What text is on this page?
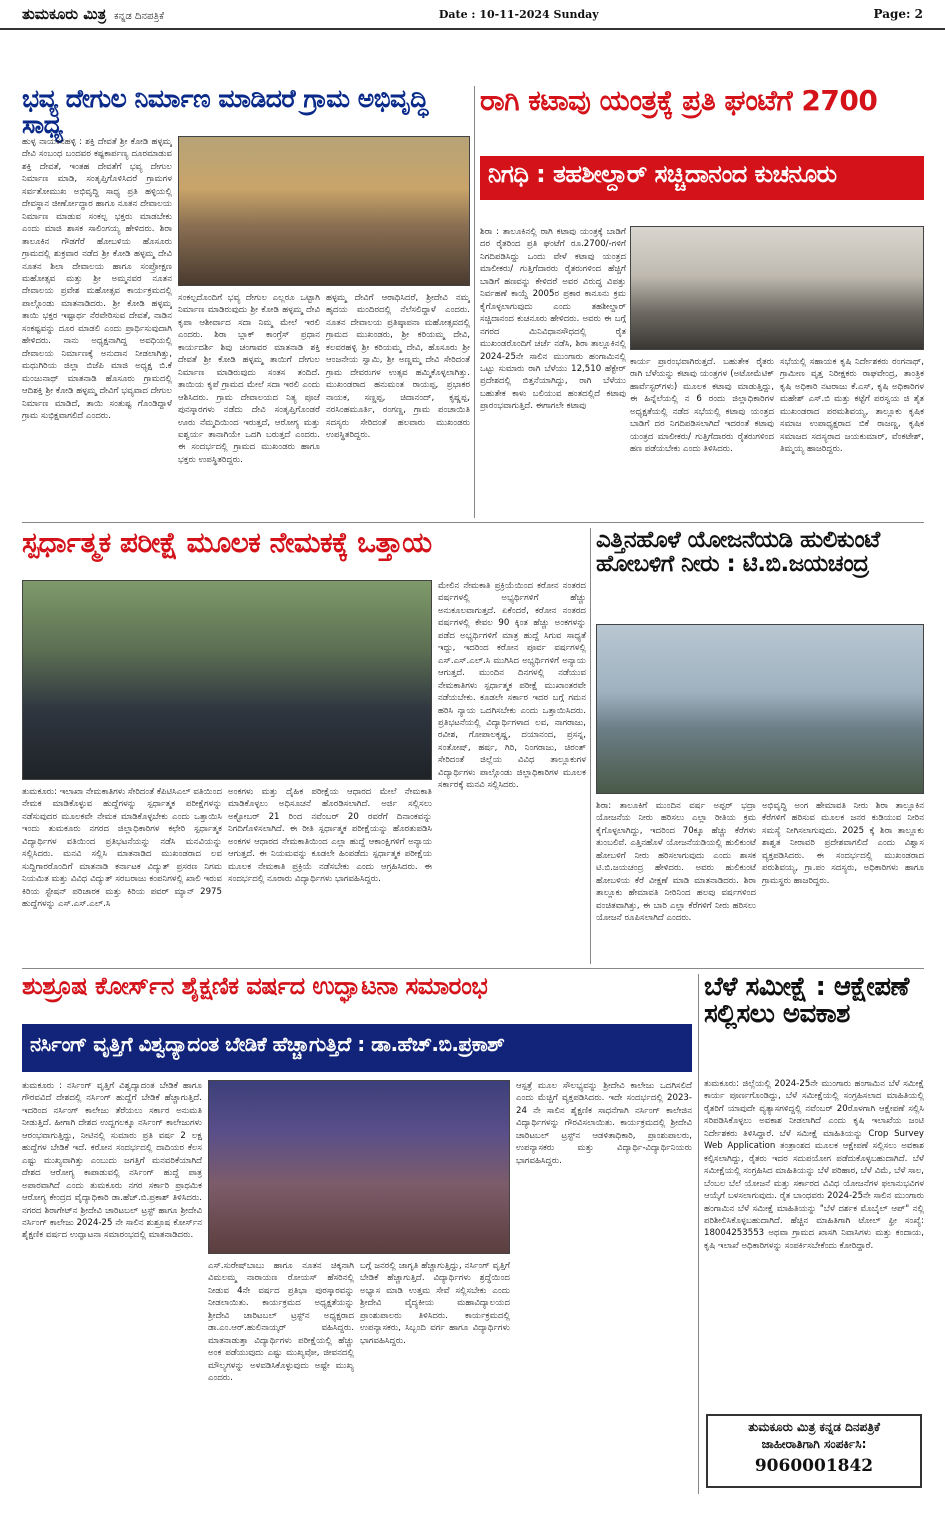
ತುಮಕೂರು ಮಿತ್ರ ಕನ್ನಡ ದಿನಪತ್ರಿಕೆ	Date : 10-11-2024 Sunday	Page: 2
ಭವ್ಯ ದೇಗುಲ ನಿರ್ಮಾಣ ಮಾಡಿದರೆ ಗ್ರಾಮ ಅಭಿವೃದ್ಧಿ ಸಾಧ್ಯ
ಹುಳ್ಳ ನಾಯಕನಹಳ್ಳಿ : ಶಕ್ತಿ ದೇವತೆ ಶ್ರೀ ಕೋಡಿ ಹಳ್ಳಮ್ಮ ದೇವಿ ಸಂಬಂಧ ಬಂದವರ ಕಷ್ಟಕಾರ್ಪಣ್ಯ ದೂರಮಾಡುವ ಶಕ್ತಿ ದೇವತೆ, ಇಂತಹ ದೇವತೆಗೆ ಭವ್ಯ ದೇಗುಲ ನಿರ್ಮಾಣ ಮಾಡಿ, ಸಂತೃಪ್ತಿಗೊಳಿಸಿದರೆ ಗ್ರಾಮಗಳ ಸರ್ವತೋಮುಖ ಅಭಿವೃದ್ಧಿ ಸಾಧ್ಯ ಪ್ರತಿ ಹಳ್ಳಿಯಲ್ಲಿ ದೇವಸ್ಥಾನ ಜೀರ್ಣೋದ್ಧಾರ ಹಾಗೂ ನೂತನ ದೇವಾಲಯ ನಿರ್ಮಾಣ ಮಾಡುವ ಸಂಕಲ್ಪ ಭಕ್ತರು ಮಾಡಬೇಕು ಎಂದು ಮಾಜಿ ಶಾಸಕ ಸಾಲಿಂಗಯ್ಯ ಹೇಳಿದರು. ಶಿರಾ ತಾಲೂಕಿನ ಗೌಡಗೆರೆ ಹೋಬಳಿಯ ಹೊಸೂರು ಗ್ರಾಮದಲ್ಲಿ ಶುಕ್ರವಾರ ನಡೆದ ಶ್ರೀ ಕೋಡಿ ಹಳ್ಳಮ್ಮ ದೇವಿ ನೂತನ ಶಿಲಾ ದೇವಾಲಯ ಹಾಗೂ ಸಂಪ್ರೋಕ್ಷಣ ಮಹೋತ್ಸವ ಮತ್ತು ಶ್ರೀ ಅಮ್ಮನವರ ನೂತನ ದೇವಾಲಯ ಪ್ರವೇಶ ಮಹೋತ್ಸವ ಕಾರ್ಯಕ್ರಮದಲ್ಲಿ ಪಾಲ್ಗೊಂಡು ಮಾತನಾಡಿದರು. ಶ್ರೀ ಕೋಡಿ ಹಳ್ಳಮ್ಮ ತಾಯಿ ಭಕ್ತರ ಇಷ್ಟಾರ್ಥ ನೆರವೇರಿಸುವ ದೇವತೆ, ನಾಡಿನ ಸಂಕಷ್ಟವನ್ನು ದೂರ ಮಾಡಲಿ ಎಂದು ಪ್ರಾರ್ಥಿಸುವುದಾಗಿ ಹೇಳಿದರು. ನಾನು ಅಧ್ಯಕ್ಷನಾಗಿದ್ದ ಅವಧಿಯಲ್ಲಿ ದೇವಾಲಯ ನಿರ್ಮಾಣಕ್ಕೆ ಅನುದಾನ ನೀಡಲಾಗಿತ್ತು, ಮಧುಗಿರಿಯ ಜಿಲ್ಲಾ ಬಿಜೆಪಿ ಮಾಜಿ ಅಧ್ಯಕ್ಷ ಬಿ.ಕೆ ಮಂಜುನಾಥ್ ಮಾತನಾಡಿ ಹೊಸೂರು ಗ್ರಾಮದಲ್ಲಿ ಆದಿಶಕ್ತಿ ಶ್ರೀ ಕೋಡಿ ಹಳ್ಳಮ್ಮ ದೇವಿಗೆ ಭವ್ಯವಾದ ದೇಗುಲ ನಿರ್ಮಾಣ ಮಾಡಿದೆ, ತಾಯಿ ಸಂತುಷ್ಟ ಗೊಂಡಿದ್ದಾಳೆ ಗ್ರಾಮ ಸುಭಿಕ್ಷವಾಗಲಿದೆ ಎಂದರು.
ಸಂಕಲ್ಪದೊಂದಿಗೆ ಭವ್ಯ ದೇಗುಲ ಎಲ್ಲರೂ ಒಟ್ಟಾಗಿ ನಿರ್ಮಾಣ ಮಾಡಿರುವುದು ಶ್ರೀ ಕೋಡಿ ಹಳ್ಳಮ್ಮ ದೇವಿ ಕೃಪಾ ಆಶೀರ್ವಾದ ಸದಾ ನಿಮ್ಮ ಮೇಲೆ ಇರಲಿ ಎಂದರು. ಶಿರಾ ಬ್ಲಾಕ್ ಕಾಂಗ್ರೆಸ್ ಪ್ರಧಾನ ಕಾರ್ಯದರ್ಶಿ ಶಿವು ಚಂಗಾವರ ಮಾತನಾಡಿ ಶಕ್ತಿ ದೇವತೆ ಶ್ರೀ ಕೋಡಿ ಹಳ್ಳಮ್ಮ ತಾಯಿಗೆ ದೇಗುಲ ನಿರ್ಮಾಣ ಮಾಡಿರುವುದು ಸಂತಸ ತಂದಿದೆ. ತಾಯಿಯ ಕೃಪೆ ಗ್ರಾಮದ ಮೇಲೆ ಸದಾ ಇರಲಿ ಎಂದು ಆಶಿಸಿದರು. ಗ್ರಾಮ ದೇವಾಲಯದ ನಿತ್ಯ ಪೂಜೆ ಪುನಸ್ಕಾರಗಳು ನಡೆದು ದೇವಿ ಸಂತೃಪ್ತಿಗೊಂಡರೆ ಊರು ನೆಮ್ಮದಿಯಿಂದ ಇರುತ್ತದೆ, ಆರೋಗ್ಯ ಮತ್ತು ಐಶ್ವರ್ಯ ತಾನಾಗಿಯೇ ಒದಗಿ ಬರುತ್ತದೆ ಎಂದರು. ಈ ಸಂದರ್ಭದಲ್ಲಿ ಗ್ರಾಮದ ಮುಖಂಡರು ಹಾಗೂ ಭಕ್ತರು ಉಪಸ್ಥಿತರಿದ್ದರು.
ಹಳ್ಳಮ್ಮ ದೇವಿಗೆ ಆರಾಧಿಸಿದರೆ, ಶ್ರೀದೇವಿ ನಮ್ಮ ಹೃದಯ ಮಂದಿರದಲ್ಲಿ ನೆಲೆಸಲಿದ್ದಾಳೆ ಎಂದರು. ನೂತನ ದೇವಾಲಯ ಪ್ರತಿಷ್ಠಾಪನಾ ಮಹೋತ್ಸವದಲ್ಲಿ ಗ್ರಾಮದ ಮುಖಂಡರು, ಶ್ರೀ ಕರಿಯಮ್ಮ ದೇವಿ, ಕಲವರಹಳ್ಳಿ ಶ್ರೀ ಕರಿಯಮ್ಮ ದೇವಿ, ಹೊಸೂರು ಶ್ರೀ ಆಂಜನೇಯ ಸ್ವಾಮಿ, ಶ್ರೀ ಅಣ್ಣಮ್ಮ ದೇವಿ ಸೇರಿದಂತೆ ಗ್ರಾಮ ದೇವರುಗಳ ಉತ್ಸವ ಹಮ್ಮಿಕೊಳ್ಳಲಾಗಿತ್ತು. ಮುಖಂಡರಾದ ಹನುಮಂತ ರಾಯಪ್ಪ, ಪ್ರಭಾಕರ ನಾಯಕ, ಸಣ್ಣಪ್ಪ, ಚಿದಾನಂದ್, ಕೃಷ್ಣಪ್ಪ, ನರಸಿಂಹಮೂರ್ತಿ, ರಂಗಣ್ಣ, ಗ್ರಾಮ ಪಂಚಾಯಿತಿ ಸದಸ್ಯರು ಸೇರಿದಂತೆ ಹಲವಾರು ಮುಖಂಡರು ಉಪಸ್ಥಿತರಿದ್ದರು.
ರಾಗಿ ಕಟಾವು ಯಂತ್ರಕ್ಕೆ ಪ್ರತಿ ಘಂಟೆಗೆ 2700
ನಿಗಧಿ : ತಹಶೀಲ್ದಾರ್ ಸಚ್ಚಿದಾನಂದ ಕುಚನೂರು
ಶಿರಾ : ತಾಲೂಕಿನಲ್ಲಿ ರಾಗಿ ಕಟಾವು ಯಂತ್ರಕ್ಕೆ ಬಾಡಿಗೆ ದರ ರೈತರಿಂದ ಪ್ರತಿ ಘಂಟೆಗೆ ರೂ.2700/-ಗಳಿಗೆ ನಿಗದಿಪಡಿಸಿದ್ದು ಒಂದು ವೇಳೆ ಕಟಾವು ಯಂತ್ರದ ಮಾಲೀಕರು/ ಗುತ್ತಿಗೆದಾರರು ರೈತರುಗಳಿಂದ ಹೆಚ್ಚಿಗೆ ಬಾಡಿಗೆ ಹಣವನ್ನು ಕೇಳಿದರೆ ಅವರ ವಿರುದ್ಧ ವಿಪತ್ತು ನಿರ್ವಹಣೆ ಕಾಯ್ದೆ 2005ರ ಪ್ರಕಾರ ಕಾನೂನು ಕ್ರಮ ಕೈಗೊಳ್ಳಲಾಗುವುದು ಎಂದು ತಹಶೀಲ್ದಾರ್ ಸಚ್ಚಿದಾನಂದ ಕುಚನೂರು ಹೇಳಿದರು. ಅವರು ಈ ಬಗ್ಗೆ ನಗರದ ಮಿನಿವಿಧಾನಸೌಧದಲ್ಲಿ ರೈತ ಮುಖಂಡರೊಂದಿಗೆ ಚರ್ಚೆ ನಡೆಸಿ, ಶಿರಾ ತಾಲ್ಲೂಕಿನಲ್ಲಿ 2024-25ನೇ ಸಾಲಿನ ಮುಂಗಾರು ಹಂಗಾಮಿನಲ್ಲಿ ಒಟ್ಟು ಸುಮಾರು ರಾಗಿ ಬೆಳೆಯು 12,510 ಹೆಕ್ಟೇರ್ ಪ್ರದೇಶದಲ್ಲಿ ಬಿತ್ತನೆಯಾಗಿದ್ದು, ರಾಗಿ ಬೆಳೆಯು ಬಹುತೇಕ ಕಾಳು ಬಲಿಯುವ ಹಂತದಲ್ಲಿದೆ ಕಟಾವು ಪ್ರಾರಂಭವಾಗುತ್ತಿದೆ. ಈಗಾಗಲೇ ಕಟಾವು
ಕಾರ್ಯ ಪ್ರಾರಂಭವಾಗಿರುತ್ತದೆ. ಬಹುತೇಕ ರೈತರು ರಾಗಿ ಬೆಳೆಯನ್ನು ಕಟಾವು ಯಂತ್ರಗಳ (ಅಟೋಮೆಟಿಕ್ ಹಾರ್ವೆಸ್ಟರ್‌ಗಳು) ಮೂಲಕ ಕಟಾವು ಮಾಡುತ್ತಿದ್ದು, ಈ ಹಿನ್ನೆಲೆಯಲ್ಲಿ ನ 6 ರಂದು ಜಿಲ್ಲಾಧಿಕಾರಿಗಳ ಅಧ್ಯಕ್ಷತೆಯಲ್ಲಿ ನಡೆದ ಸಭೆಯಲ್ಲಿ ಕಟಾವು ಯಂತ್ರದ ಬಾಡಿಗೆ ದರ ನಿಗದಿಪಡಿಸಲಾಗಿದೆ ಇದರಂತೆ ಕಟಾವು ಯಂತ್ರದ ಮಾಲೀಕರು/ ಗುತ್ತಿಗೆದಾರರು ರೈತರುಗಳಿಂದ ಹಣ ಪಡೆಯಬೇಕು ಎಂದು ತಿಳಿಸಿದರು.
ಸಭೆಯಲ್ಲಿ ಸಹಾಯಕ ಕೃಷಿ ನಿರ್ದೇಶಕರು ರಂಗನಾಥ್, ಗ್ರಾಮೀಣ ವೃತ್ತ ನಿರೀಕ್ಷಕರು ರಾಘವೇಂದ್ರ, ತಾಂತ್ರಿಕ ಕೃಷಿ ಅಧಿಕಾರಿ ನಟರಾಜು ಕೆ.ಎಸ್, ಕೃಷಿ ಅಧಿಕಾರಿಗಳ ಮಹೇಶ್ ಎಸ್.ಬಿ ಮತ್ತು ಕಟ್ಟೆಗೆ ಪರಸ್ವಯ ಜಿ ತೈತ ಮುಖಂಡರಾದ ಪರಮಶಿವಯ್ಯ, ತಾಲ್ಲೂಕು ಕೃಷಿಕ ಸಮಾಜ ಉಪಾಧ್ಯಕ್ಷರಾದ ಬಿಕೆ ರಾಜಣ್ಣ, ಕೃಷಿಕ ಸಮಾಜದ ಸದಸ್ಯರಾದ ಜಯಕುಮಾರ್, ವೆಂಕಟೇಶ್, ತಿಮ್ಮಯ್ಯ ಹಾಜರಿದ್ದರು.
ಸ್ಪರ್ಧಾತ್ಮಕ ಪರೀಕ್ಷೆ ಮೂಲಕ ನೇಮಕಕ್ಕೆ ಒತ್ತಾಯ
ತುಮಕೂರು: ಇಲಾಖಾ ನೇಮಕಾತಿಗಳು ಸೇರಿದಂತೆ ಕೆಪಿಟಿಸಿಎಲ್ ವತಿಯಿಂದ ನೇಮಕ ಮಾಡಿಕೊಳ್ಳುವ ಹುದ್ದೆಗಳನ್ನು ಸ್ಪರ್ಧಾತ್ಮಕ ಪರೀಕ್ಷೆಗಳನ್ನು ನಡೆಸುವುದರ ಮೂಲಕವೇ ನೇಮಕ ಮಾಡಿಕೊಳ್ಳಬೇಕು ಎಂದು ಒತ್ತಾಯಿಸಿ ಇಂದು ತುಮಕೂರು ನಗರದ ಜಿಲ್ಲಾಧಿಕಾರಿಗಳ ಕಛೇರಿ ಸ್ಪರ್ಧಾತ್ಮಕ ವಿದ್ಯಾರ್ಥಿಗಳ ವತಿಯಿಂದ ಪ್ರತಿಭಟನೆಯನ್ನು ನಡೆಸಿ ಮನವಿಯನ್ನು ಸಲ್ಲಿಸಿದರು. ಮನವಿ ಸಲ್ಲಿಸಿ ಮಾತನಾಡಿದ ಮುಖಂಡರಾದ ಲವ ಸುದ್ದಿಗಾರರೊಂದಿಗೆ ಮಾತನಾಡಿ ಕರ್ನಾಟಕ ವಿದ್ಯುತ್ ಪ್ರಸರಣ ನಿಗಮ ನಿಯಮಿತ ಮತ್ತು ವಿವಿಧ ವಿದ್ಯುತ್ ಸರಬರಾಜು ಕಂಪನಿಗಳಲ್ಲಿ ಖಾಲಿ ಇರುವ ಕಿರಿಯ ಸ್ಟೇಷನ್ ಪರಿಚಾರಕ ಮತ್ತು ಕಿರಿಯ ಪವರ್ ಮ್ಯಾನ್ 2975 ಹುದ್ದೆಗಳನ್ನು ಎಸ್.ಎಸ್.ಎಲ್.ಸಿ
ಅಂಕಗಳು ಮತ್ತು ದೈಹಿಕ ಪರೀಕ್ಷೆಯ ಆಧಾರದ ಮೇಲೆ ನೇಮಕಾತಿ ಮಾಡಿಕೊಳ್ಳಲು ಅಧಿಸೂಚನೆ ಹೊರಡಿಸಲಾಗಿದೆ. ಅರ್ಜಿ ಸಲ್ಲಿಸಲು ಅಕ್ಟೋಬರ್ 21 ರಿಂದ ನವೆಂಬರ್ 20 ರವರೆಗೆ ದಿನಾಂಕವನ್ನು ನಿಗದಿಗೊಳಿಸಲಾಗಿದೆ. ಈ ರೀತಿ ಸ್ಪರ್ಧಾತ್ಮಕ ಪರೀಕ್ಷೆಯನ್ನು ಹೊರತುಪಡಿಸಿ ಅಂಕಗಳ ಆಧಾರದ ನೇಮಕಾತಿಯಿಂದ ಎಲ್ಲಾ ಹುದ್ದೆ ಆಕಾಂಕ್ಷಿಗಳಿಗೆ ಅನ್ಯಾಯ ಆಗುತ್ತದೆ. ಈ ನಿಯಮವನ್ನು ಕೂಡಲೇ ಹಿಂಪಡೆದು ಸ್ಪರ್ಧಾತ್ಮಕ ಪರೀಕ್ಷೆಯ ಮೂಲಕ ನೇಮಕಾತಿ ಪ್ರಕ್ರಿಯೆ ನಡೆಸಬೇಕು ಎಂದು ಆಗ್ರಹಿಸಿದರು. ಈ ಸಂದರ್ಭದಲ್ಲಿ ನೂರಾರು ವಿದ್ಯಾರ್ಥಿಗಳು ಭಾಗವಹಿಸಿದ್ದರು.
ಮೇಲಿನ ನೇಮಕಾತಿ ಪ್ರಕ್ರಿಯೆಯಿಂದ ಕರೋನ ನಂತರದ ವರ್ಷಗಳಲ್ಲಿ ಅಭ್ಯರ್ಥಿಗಳಿಗೆ ಹೆಚ್ಚು ಅನುಕೂಲವಾಗುತ್ತದೆ. ಏಕೆಂದರೆ, ಕರೋನ ನಂತರದ ವರ್ಷಗಳಲ್ಲಿ ಕೇವಲ 90 ಕ್ಕಿಂತ ಹೆಚ್ಚು ಅಂಕಗಳನ್ನು ಪಡೆದ ಅಭ್ಯರ್ಥಿಗಳಿಗೆ ಮಾತ್ರ ಹುದ್ದೆ ಸಿಗುವ ಸಾಧ್ಯತೆ ಇದ್ದು, ಇದರಿಂದ ಕರೋನ ಪೂರ್ವ ವರ್ಷಗಳಲ್ಲಿ ಎಸ್.ಎಸ್.ಎಲ್.ಸಿ ಮುಗಿಸಿದ ಅಭ್ಯರ್ಥಿಗಳಿಗೆ ಅನ್ಯಾಯ ಆಗುತ್ತದೆ. ಮುಂದಿನ ದಿನಗಳಲ್ಲಿ ನಡೆಯುವ ನೇಮಕಾತಿಗಳು ಸ್ಪರ್ಧಾತ್ಮಕ ಪರೀಕ್ಷೆ ಮುಖಾಂತರವೇ ನಡೆಯಬೇಕು. ಕೂಡಲೇ ಸರ್ಕಾರ ಇದರ ಬಗ್ಗೆ ಗಮನ ಹರಿಸಿ ನ್ಯಾಯ ಒದಗಿಸಬೇಕು ಎಂದು ಒತ್ತಾಯಿಸಿದರು. ಪ್ರತಿಭಟನೆಯಲ್ಲಿ ವಿದ್ಯಾರ್ಥಿಗಳಾದ ಲವ, ನಾಗರಾಜು, ರವೀಶ, ಗೋಪಾಲಕೃಷ್ಣ, ದಯಾನಂದ, ಪ್ರಸನ್ನ, ಸಂತೋಷ್, ಹರ್ಷ, ಗಿರಿ, ನಿಂಗರಾಜು, ಚಿರಂತ್ ಸೇರಿದಂತೆ ಜಿಲ್ಲೆಯ ವಿವಿಧ ತಾಲ್ಲೂಕುಗಳ ವಿದ್ಯಾರ್ಥಿಗಳು ಪಾಲ್ಗೊಂಡು ಜಿಲ್ಲಾಧಿಕಾರಿಗಳ ಮೂಲಕ ಸರ್ಕಾರಕ್ಕೆ ಮನವಿ ಸಲ್ಲಿಸಿದರು.
ಎತ್ತಿನಹೊಳೆ ಯೋಜನೆಯಡಿ ಹುಲಿಕುಂಟೆ ಹೋಬಳಿಗೆ ನೀರು : ಟಿ.ಬಿ.ಜಯಚಂದ್ರ
ಶಿರಾ: ತಾಲೂಕಿಗೆ ಮುಂದಿನ ವರ್ಷ ಅಪ್ಪರ್ ಭದ್ರಾ ಯೋಜನೆಯ ನೀರು ಹರಿಸಲು ಎಲ್ಲಾ ರೀತಿಯ ಕ್ರಮ ಕೈಗೊಳ್ಳಲಾಗಿದ್ದು, ಇದರಿಂದ 70ಕ್ಕೂ ಹೆಚ್ಚು ಕೆರೆಗಳು ತುಂಬಲಿವೆ. ಎತ್ತಿನಹೊಳೆ ಯೋಜನೆಯಡಿಯಲ್ಲಿ ಹುಲಿಕುಂಟೆ ಹೋಬಳಿಗೆ ನೀರು ಹರಿಸಲಾಗುವುದು ಎಂದು ಶಾಸಕ ಟಿ.ಬಿ.ಜಯಚಂದ್ರ ಹೇಳಿದರು. ಅವರು ಹುಲಿಕುಂಟೆ ಹೋಬಳಿಯ ಕೆರೆ ವೀಕ್ಷಣೆ ಮಾಡಿ ಮಾತನಾಡಿದರು. ಶಿರಾ ತಾಲ್ಲೂಕು ಹೇಮಾವತಿ ನೀರಿನಿಂದ ಹಲವು ವರ್ಷಗಳಿಂದ ವಂಚಿತವಾಗಿತ್ತು, ಈ ಬಾರಿ ಎಲ್ಲಾ ಕೆರೆಗಳಿಗೆ ನೀರು ಹರಿಸಲು ಯೋಜನೆ ರೂಪಿಸಲಾಗಿದೆ ಎಂದರು.
ಅಭಿವೃದ್ಧಿ ಅಂಗ ಹೇಮಾವತಿ ನೀರು ಶಿರಾ ತಾಲ್ಲೂಕಿನ ಕೆರೆಗಳಿಗೆ ಹರಿಸುವ ಮೂಲಕ ಜನರ ಕುಡಿಯುವ ನೀರಿನ ಸಮಸ್ಯೆ ನೀಗಿಸಲಾಗುವುದು. 2025 ಕ್ಕೆ ಶಿರಾ ತಾಲ್ಲೂಕು ಶಾಶ್ವತ ನೀರಾವರಿ ಪ್ರದೇಶವಾಗಲಿದೆ ಎಂದು ವಿಶ್ವಾಸ ವ್ಯಕ್ತಪಡಿಸಿದರು. ಈ ಸಂದರ್ಭದಲ್ಲಿ ಮುಖಂಡರಾದ ಪರುಶಿವಯ್ಯ, ಗ್ರಾ.ಪಂ ಸದಸ್ಯರು, ಅಧಿಕಾರಿಗಳು ಹಾಗೂ ಗ್ರಾಮಸ್ಥರು ಹಾಜರಿದ್ದರು.
ಶುಶ್ರೂಷ ಕೋರ್ಸ್‌ನ ಶೈಕ್ಷಣಿಕ ವರ್ಷದ ಉದ್ಘಾಟನಾ ಸಮಾರಂಭ
ನರ್ಸಿಂಗ್ ವೃತ್ತಿಗೆ ವಿಶ್ವದ್ಯಾದಂತ ಬೇಡಿಕೆ ಹೆಚ್ಚಾಗುತ್ತಿದೆ : ಡಾ.ಹೆಚ್.ಬಿ.ಪ್ರಕಾಶ್
ತುಮಕೂರು : ನರ್ಸಿಂಗ್ ವೃತ್ತಿಗೆ ವಿಶ್ವದ್ಯಾದಂತ ಬೇಡಿಕೆ ಹಾಗೂ ಗೌರವವಿದೆ ದೇಶದಲ್ಲಿ ನರ್ಸಿಂಗ್ ಹುದ್ದೆಗೆ ಬೇಡಿಕೆ ಹೆಚ್ಚಾಗುತ್ತಿದೆ. ಇದರಿಂದ ನರ್ಸಿಂಗ್ ಕಾಲೇಜು ತೆರೆಯಲು ಸರ್ಕಾರ ಅನುಮತಿ ನೀಡುತ್ತಿದೆ. ಹೀಗಾಗಿ ದೇಶದ ಉದ್ದಗಲಕ್ಕೂ ನರ್ಸಿಂಗ್ ಕಾಲೇಜುಗಳು ಆರಂಭವಾಗುತ್ತಿದ್ದು, ನೀಟಿನಲ್ಲಿ ಸುಮಾರು ಪ್ರತಿ ವರ್ಷ 2 ಲಕ್ಷ ಹುದ್ದೆಗಳ ಬೇಡಿಕೆ ಇದೆ. ಕರೋನ ಸಂದರ್ಭದಲ್ಲಿ ದಾದಿಯರ ಕೆಲಸ ಎಷ್ಟು ಮುಖ್ಯವಾಗಿತ್ತು ಎಂಬುದು ಜಗತ್ತಿಗೆ ಮನವರಿಕೆಯಾಗಿದೆ ದೇಶದ ಆರೋಗ್ಯ ಕಾಪಾಡುವಲ್ಲಿ ನರ್ಸಿಂಗ್ ಹುದ್ದೆ ಪಾತ್ರ ಅಪಾರವಾಗಿದೆ ಎಂದು ತುಮಕೂರು ನಗರ ಸರ್ಕಾರಿ ಪ್ರಾಥಮಿಕ ಆರೋಗ್ಯ ಕೇಂದ್ರದ ವೈದ್ಯಾಧಿಕಾರಿ ಡಾ.ಹೆಚ್.ಬಿ.ಪ್ರಕಾಶ್ ತಿಳಿಸಿದರು. ನಗರದ ಶಿರಾಗೇಟ್‌ನ ಶ್ರೀದೇವಿ ಚಾರಿಟಬಲ್ ಟ್ರಸ್ಟ್ ಹಾಗೂ ಶ್ರೀದೇವಿ ನರ್ಸಿಂಗ್ ಕಾಲೇಜು 2024-25 ನೇ ಸಾಲಿನ ಶುಶ್ರೂಷ ಕೋರ್ಸ್‌ನ ಶೈಕ್ಷಣಿಕ ವರ್ಷದ ಉದ್ಘಾಟನಾ ಸಮಾರಂಭದಲ್ಲಿ ಮಾತನಾಡಿದರು.
ಎಸ್.ಸುರೇಷ್‌ಬಾಬು ಹಾಗೂ ನೂತನ ಚಿಕ್ಕನಾಗಿ ವಿಮಲಮ್ಮ ನಾರಾಯಣ ರೋಯಸ್ ಹೆಸರಿನಲ್ಲಿ ನೀಡುವ 4ನೇ ವರ್ಷದ ಪ್ರತಿಭಾ ಪುರಸ್ಕಾರವನ್ನು ನೀಡಲಾಯಿತು. ಕಾರ್ಯಕ್ರಮದ ಅಧ್ಯಕ್ಷತೆಯನ್ನು ಶ್ರೀದೇವಿ ಚಾರಿಟಬಲ್ ಟ್ರಸ್ಟ್‌ನ ಅಧ್ಯಕ್ಷರಾದ ಡಾ.ಎಂ.ಆರ್.ಹುಲಿನಾಯ್ಕರ್ ವಹಿಸಿದ್ದರು. ಮಾತನಾಡುತ್ತಾ ವಿದ್ಯಾರ್ಥಿಗಳು ಪರೀಕ್ಷೆಯಲ್ಲಿ ಹೆಚ್ಚು ಅಂಕ ಪಡೆಯುವುದು ಎಷ್ಟು ಮುಖ್ಯವೋ, ಜೀವನದಲ್ಲಿ ಮೌಲ್ಯಗಳನ್ನು ಅಳವಡಿಸಿಕೊಳ್ಳುವುದು ಅಷ್ಟೇ ಮುಖ್ಯ ಎಂದರು.
ಬಗ್ಗೆ ಜನರಲ್ಲಿ ಜಾಗೃತಿ ಹೆಚ್ಚಾಗುತ್ತಿದ್ದು, ನರ್ಸಿಂಗ್ ವೃತ್ತಿಗೆ ಬೇಡಿಕೆ ಹೆಚ್ಚಾಗುತ್ತಿದೆ. ವಿದ್ಯಾರ್ಥಿಗಳು ಶ್ರದ್ಧೆಯಿಂದ ಅಭ್ಯಾಸ ಮಾಡಿ ಉತ್ತಮ ಸೇವೆ ಸಲ್ಲಿಸಬೇಕು ಎಂದು ಶ್ರೀದೇವಿ ವೈದ್ಯಕೀಯ ಮಹಾವಿದ್ಯಾಲಯದ ಪ್ರಾಂಶುಪಾಲರು ತಿಳಿಸಿದರು. ಕಾರ್ಯಕ್ರಮದಲ್ಲಿ ಉಪನ್ಯಾಸಕರು, ಸಿಬ್ಬಂದಿ ವರ್ಗ ಹಾಗೂ ವಿದ್ಯಾರ್ಥಿಗಳು ಭಾಗವಹಿಸಿದ್ದರು.
ಆಸ್ಪತ್ರೆ ಮೂಲ ಸೌಲಭ್ಯವನ್ನು ಶ್ರೀದೇವಿ ಕಾಲೇಜು ಒದಗಿಸಲಿದೆ ಎಂದು ಮೆಚ್ಚಿಗೆ ವ್ಯಕ್ತಪಡಿಸಿದರು. ಇದೇ ಸಂದರ್ಭದಲ್ಲಿ 2023-24 ನೇ ಸಾಲಿನ ಶೈಕ್ಷಣಿಕ ಸಾಧನೆಗಾಗಿ ನರ್ಸಿಂಗ್ ಕಾಲೇಜಿನ ವಿದ್ಯಾರ್ಥಿಗಳನ್ನು ಗೌರವಿಸಲಾಯಿತು. ಕಾರ್ಯಕ್ರಮದಲ್ಲಿ ಶ್ರೀದೇವಿ ಚಾರಿಟಬಲ್ ಟ್ರಸ್ಟ್‌ನ ಆಡಳಿತಾಧಿಕಾರಿ, ಪ್ರಾಂಶುಪಾಲರು, ಉಪನ್ಯಾಸಕರು ಮತ್ತು ವಿದ್ಯಾರ್ಥಿ-ವಿದ್ಯಾರ್ಥಿನಿಯರು ಭಾಗವಹಿಸಿದ್ದರು.
ಬೆಳೆ ಸಮೀಕ್ಷೆ : ಆಕ್ಷೇಪಣೆ ಸಲ್ಲಿಸಲು ಅವಕಾಶ
ತುಮಕೂರು: ಜಿಲ್ಲೆಯಲ್ಲಿ 2024-25ನೇ ಮುಂಗಾರು ಹಂಗಾಮಿನ ಬೆಳೆ ಸಮೀಕ್ಷೆ ಕಾರ್ಯ ಪೂರ್ಣಗೊಂಡಿದ್ದು, ಬೆಳೆ ಸಮೀಕ್ಷೆಯಲ್ಲಿ ಸಂಗ್ರಹಿಸಲಾದ ಮಾಹಿತಿಯಲ್ಲಿ ರೈತರಿಗೆ ಯಾವುದೇ ವ್ಯತ್ಯಾಸಗಳಿದ್ದಲ್ಲಿ ನವೆಂಬರ್ 20ರೊಳಗಾಗಿ ಆಕ್ಷೇಪಣೆ ಸಲ್ಲಿಸಿ ಸರಿಪಡಿಸಿಕೊಳ್ಳಲು ಅವಕಾಶ ನೀಡಲಾಗಿದೆ ಎಂದು ಕೃಷಿ ಇಲಾಖೆಯ ಜಂಟಿ ನಿರ್ದೇಶಕರು ತಿಳಿಸಿದ್ದಾರೆ. ಬೆಳೆ ಸಮೀಕ್ಷೆ ಮಾಹಿತಿಯನ್ನು Crop Survey Web Application ತಂತ್ರಾಂಶದ ಮೂಲಕ ಆಕ್ಷೇಪಣೆ ಸಲ್ಲಿಸಲು ಅವಕಾಶ ಕಲ್ಪಿಸಲಾಗಿದ್ದು, ರೈತರು ಇದರ ಸದುಪಯೋಗ ಪಡೆದುಕೊಳ್ಳಬಹುದಾಗಿದೆ. ಬೆಳೆ ಸಮೀಕ್ಷೆಯಲ್ಲಿ ಸಂಗ್ರಹಿಸಿದ ಮಾಹಿತಿಯನ್ನು ಬೆಳೆ ಪರಿಹಾರ, ಬೆಳೆ ವಿಮೆ, ಬೆಳೆ ಸಾಲ, ಬೆಂಬಲ ಬೆಲೆ ಯೋಜನೆ ಮತ್ತು ಸರ್ಕಾರದ ವಿವಿಧ ಯೋಜನೆಗಳ ಫಲಾನುಭವಿಗಳ ಆಯ್ಕೆಗೆ ಬಳಸಲಾಗುವುದು. ರೈತ ಬಾಂಧವರು 2024-25ನೇ ಸಾಲಿನ ಮುಂಗಾರು ಹಂಗಾಮಿನ ಬೆಳೆ ಸಮೀಕ್ಷೆ ಮಾಹಿತಿಯನ್ನು "ಬೆಳೆ ದರ್ಶಕ ಮೊಬೈಲ್ ಆಪ್" ನಲ್ಲಿ ಪರಿಶೀಲಿಸಿಕೊಳ್ಳಬಹುದಾಗಿದೆ. ಹೆಚ್ಚಿನ ಮಾಹಿತಿಗಾಗಿ ಟೋಲ್ ಫ್ರೀ ಸಂಖ್ಯೆ: 18004253553 ಅಥವಾ ಗ್ರಾಮದ ಖಾಸಗಿ ನಿವಾಸಿಗಳು ಮತ್ತು ಕಂದಾಯ, ಕೃಷಿ ಇಲಾಖೆ ಅಧಿಕಾರಿಗಳನ್ನು ಸಂಪರ್ಕಿಸಬೇಕೆಂದು ಕೋರಿದ್ದಾರೆ.
ತುಮಕೂರು ಮಿತ್ರ ಕನ್ನಡ ದಿನಪತ್ರಿಕೆ
ಜಾಹೀರಾತಿಗಾಗಿ ಸಂಪರ್ಕಿಸಿ:
9060001842
